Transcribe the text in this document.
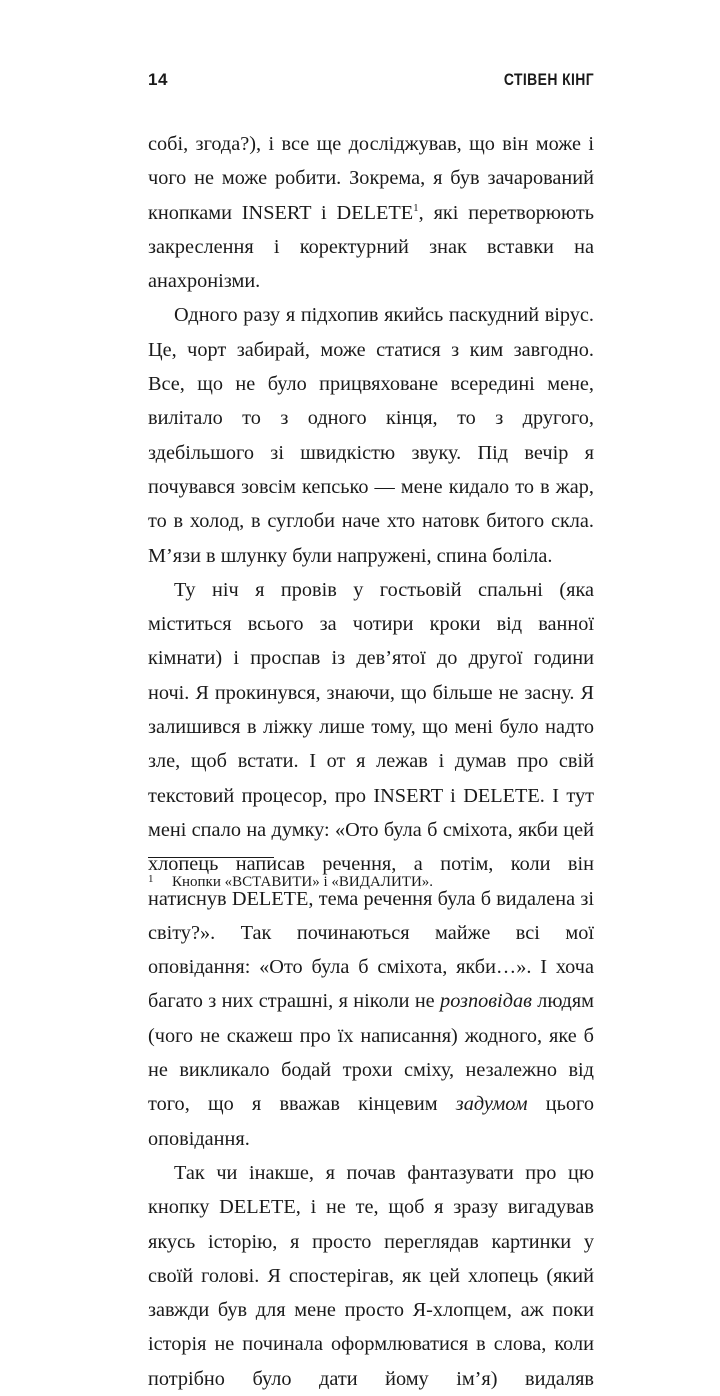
14	СТІВЕН КІНГ

собі, згода?), і все ще досліджував, що він може і чого не може робити. Зокрема, я був зачарований кнопками INSERT і DELETE$^1$, які перетворюють закреслення і коректурний знак вставки на анахронізми.

Одного разу я підхопив якийсь паскудний вірус. Це, чорт забирай, може статися з ким завгодно. Все, що не було прицвяховане всередині мене, вилітало то з одного кінця, то з другого, здебільшого зі швидкістю звуку. Під вечір я почувався зовсім кепсько — мене кидало то в жар, то в холод, в суглоби наче хто натовк битого скла. М’язи в шлунку були напружені, спина боліла.

Ту ніч я провів у гостьовій спальні (яка міститься всього за чотири кроки від ванної кімнати) і проспав із дев’ятої до другої години ночі. Я прокинувся, знаючи, що більше не засну. Я залишився в ліжку лише тому, що мені було надто зле, щоб встати. І от я лежав і думав про свій текстовий процесор, про INSERT і DELETE. І тут мені спало на думку: «Ото була б сміхота, якби цей хлопець написав речення, а потім, коли він натиснув DELETE, тема речення була б видалена зі світу?». Так починаються майже всі мої оповідання: «Ото була б сміхота, якби…». І хоча багато з них страшні, я ніколи не розповідав людям (чого не скажеш про їх написання) жодного, яке б не викликало бодай трохи сміху, незалежно від того, що я вважав кінцевим задумом цього оповідання.

Так чи інакше, я почав фантазувати про цю кнопку DELETE, і не те, щоб я зразу вигадував якусь історію, я просто переглядав картинки у своїй голові. Я спостерігав, як цей хлопець (який завжди був для мене просто Я-хлопцем, аж поки історія не починала оформлюватися в слова, коли потрібно було дати йому ім’я) видаляв

1 Кнопки «ВСТАВИТИ» і «ВИДАЛИТИ».
